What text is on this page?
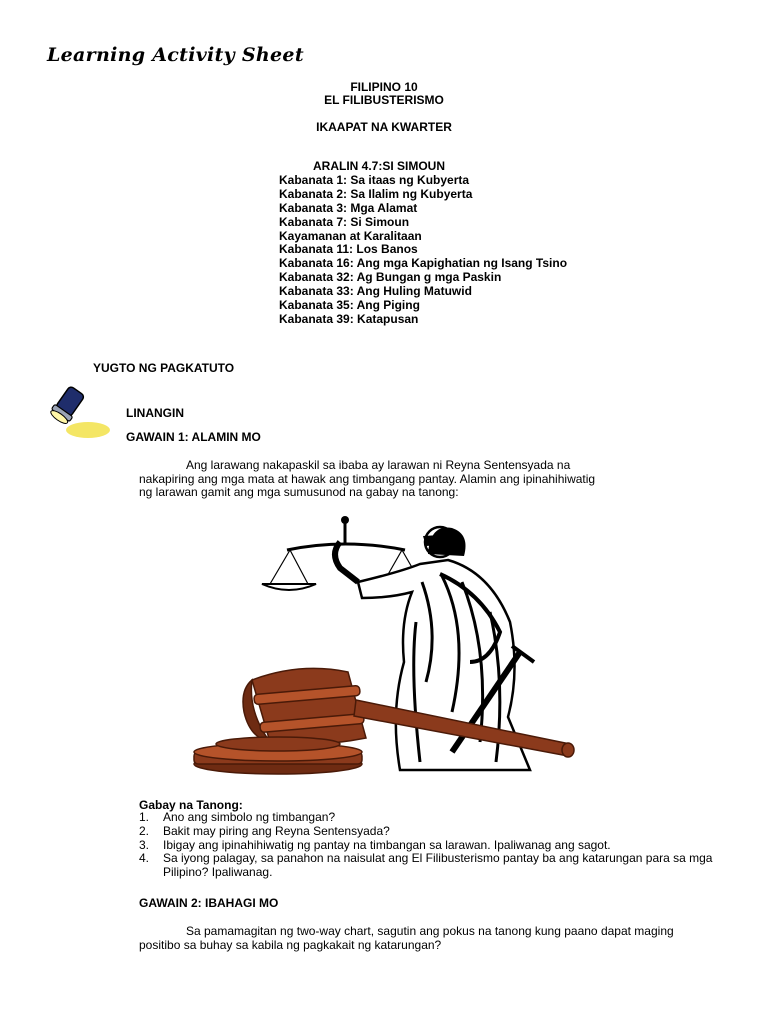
Learning Activity Sheet
FILIPINO 10
EL FILIBUSTERISMO
IKAAPAT NA KWARTER
ARALIN 4.7:SI SIMOUN
Kabanata 1: Sa itaas ng Kubyerta
Kabanata 2: Sa Ilalim ng Kubyerta
Kabanata 3: Mga Alamat
Kabanata 7: Si Simoun
Kayamanan at Karalitaan
Kabanata 11: Los Banos
Kabanata 16: Ang mga Kapighatian ng Isang Tsino
Kabanata 32: Ag Bungan g mga Paskin
Kabanata 33: Ang Huling Matuwid
Kabanata 35: Ang Piging
Kabanata 39: Katapusan
YUGTO NG PAGKATUTO
LINANGIN
GAWAIN 1: ALAMIN MO
Ang larawang nakapaskil sa ibaba ay larawan ni Reyna Sentensyada na nakapiring ang mga mata at hawak ang timbangang pantay. Alamin ang ipinahihiwatig ng larawan gamit ang mga sumusunod na gabay na tanong:
Gabay na Tanong:
1.	Ano ang simbolo ng timbangan?
2.	Bakit may piring ang Reyna Sentensyada?
3.	Ibigay ang ipinahihiwatig ng pantay na timbangan sa larawan. Ipaliwanag ang sagot.
4.	Sa iyong palagay, sa panahon na naisulat ang El Filibusterismo pantay ba ang katarungan para sa mga Pilipino? Ipaliwanag.
GAWAIN 2: IBAHAGI MO
Sa pamamagitan ng two-way chart, sagutin ang pokus na tanong kung paano dapat maging positibo sa buhay sa kabila ng pagkakait ng katarungan?
